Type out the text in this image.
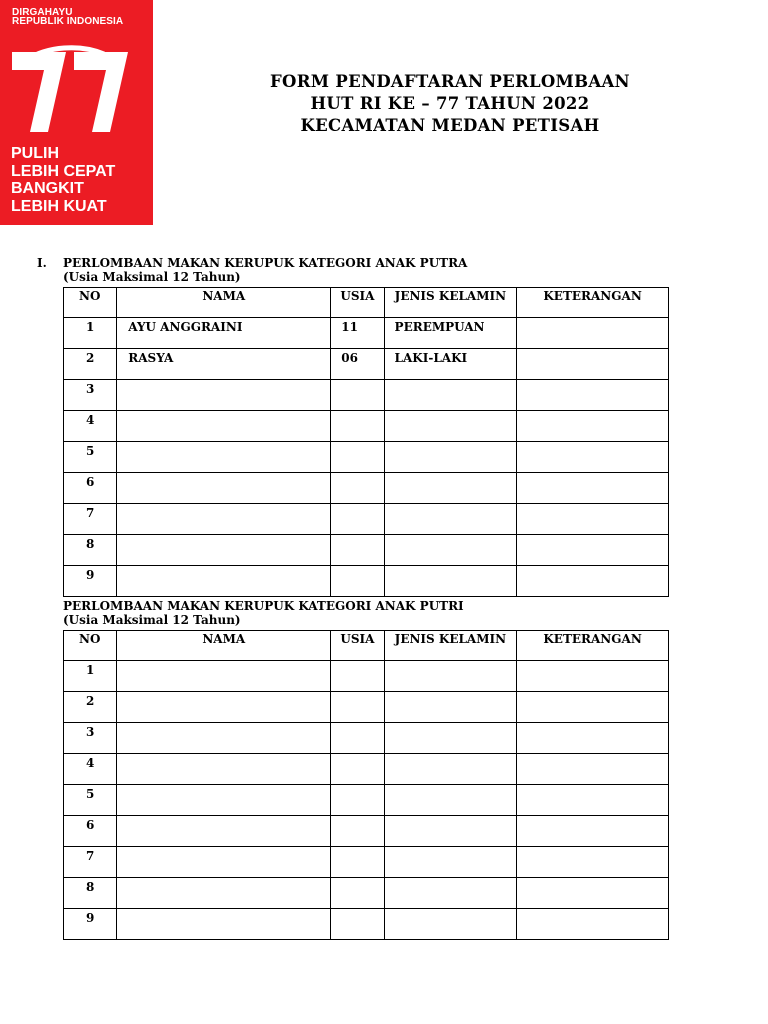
DIRGAHAYU
REPUBLIK INDONESIA
PULIH
LEBIH CEPAT
BANGKIT
LEBIH KUAT
FORM PENDAFTARAN PERLOMBAAN
HUT RI KE – 77 TAHUN 2022
KECAMATAN MEDAN PETISAH
I. PERLOMBAAN MAKAN KERUPUK KATEGORI ANAK PUTRA
(Usia Maksimal 12 Tahun)
NO	NAMA	USIA	JENIS KELAMIN	KETERANGAN
1	AYU ANGGRAINI	11	PEREMPUAN	
2	RASYA	06	LAKI-LAKI	
3				
4				
5				
6				
7				
8				
9				
PERLOMBAAN MAKAN KERUPUK KATEGORI ANAK PUTRI
(Usia Maksimal 12 Tahun)
NO	NAMA	USIA	JENIS KELAMIN	KETERANGAN
1				
2				
3				
4				
5				
6				
7				
8				
9				
